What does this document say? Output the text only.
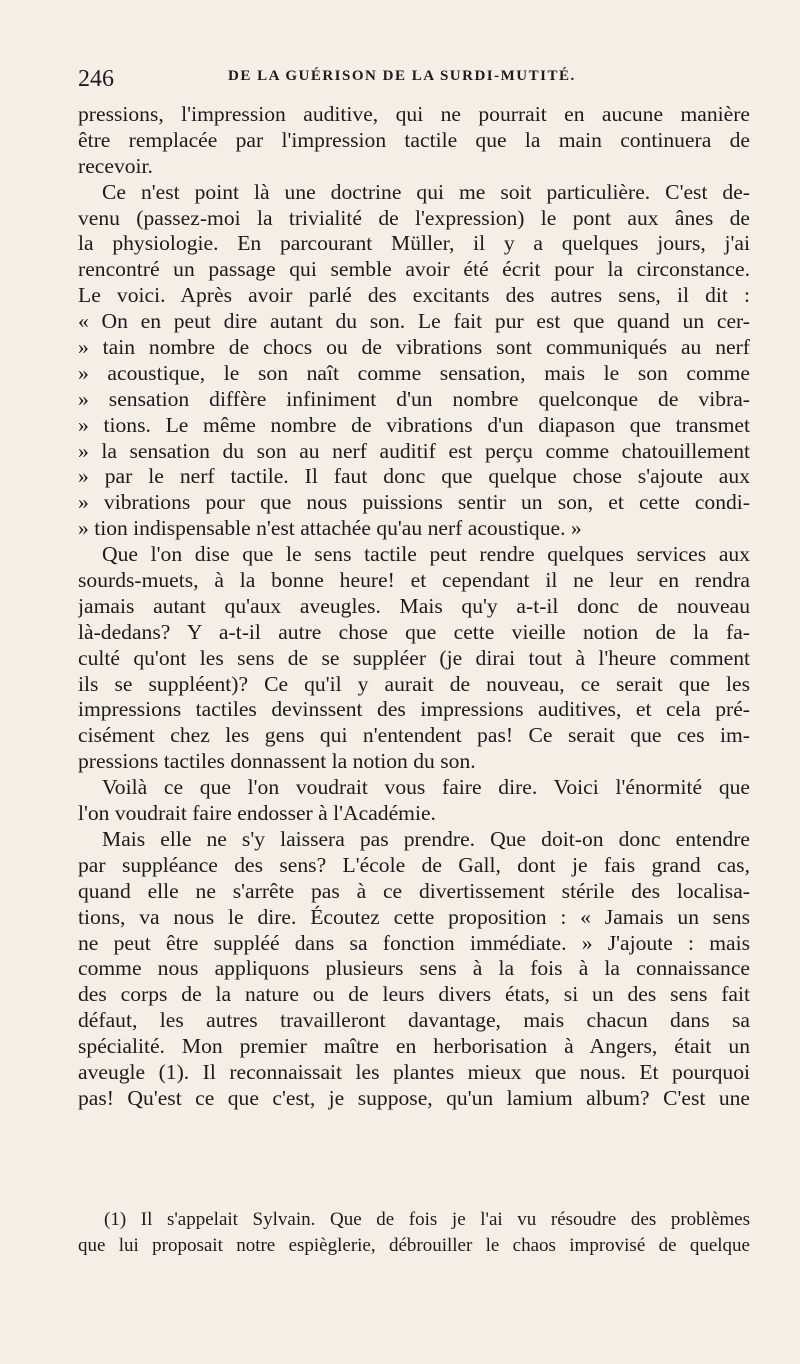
246	DE LA GUÉRISON DE LA SURDI-MUTITÉ.
pressions, l'impression auditive, qui ne pourrait en aucune manière
être remplacée par l'impression tactile que la main continuera de
recevoir.
Ce n'est point là une doctrine qui me soit particulière. C'est de-
venu (passez-moi la trivialité de l'expression) le pont aux ânes de
la physiologie. En parcourant Müller, il y a quelques jours, j'ai
rencontré un passage qui semble avoir été écrit pour la circonstance.
Le voici. Après avoir parlé des excitants des autres sens, il dit :
« On en peut dire autant du son. Le fait pur est que quand un cer-
» tain nombre de chocs ou de vibrations sont communiqués au nerf
» acoustique, le son naît comme sensation, mais le son comme
» sensation diffère infiniment d'un nombre quelconque de vibra-
» tions. Le même nombre de vibrations d'un diapason que transmet
» la sensation du son au nerf auditif est perçu comme chatouillement
» par le nerf tactile. Il faut donc que quelque chose s'ajoute aux
» vibrations pour que nous puissions sentir un son, et cette condi-
» tion indispensable n'est attachée qu'au nerf acoustique. »
Que l'on dise que le sens tactile peut rendre quelques services aux
sourds-muets, à la bonne heure! et cependant il ne leur en rendra
jamais autant qu'aux aveugles. Mais qu'y a-t-il donc de nouveau
là-dedans? Y a-t-il autre chose que cette vieille notion de la fa-
culté qu'ont les sens de se suppléer (je dirai tout à l'heure comment
ils se suppléent)? Ce qu'il y aurait de nouveau, ce serait que les
impressions tactiles devinssent des impressions auditives, et cela pré-
cisément chez les gens qui n'entendent pas! Ce serait que ces im-
pressions tactiles donnassent la notion du son.
Voilà ce que l'on voudrait vous faire dire. Voici l'énormité que
l'on voudrait faire endosser à l'Académie.
Mais elle ne s'y laissera pas prendre. Que doit-on donc entendre
par suppléance des sens? L'école de Gall, dont je fais grand cas,
quand elle ne s'arrête pas à ce divertissement stérile des localisa-
tions, va nous le dire. Écoutez cette proposition : « Jamais un sens
ne peut être suppléé dans sa fonction immédiate. » J'ajoute : mais
comme nous appliquons plusieurs sens à la fois à la connaissance
des corps de la nature ou de leurs divers états, si un des sens fait
défaut, les autres travailleront davantage, mais chacun dans sa
spécialité. Mon premier maître en herborisation à Angers, était un
aveugle (1). Il reconnaissait les plantes mieux que nous. Et pourquoi
pas! Qu'est ce que c'est, je suppose, qu'un lamium album? C'est une
(1) Il s'appelait Sylvain. Que de fois je l'ai vu résoudre des problèmes
que lui proposait notre espièglerie, débrouiller le chaos improvisé de quelque
